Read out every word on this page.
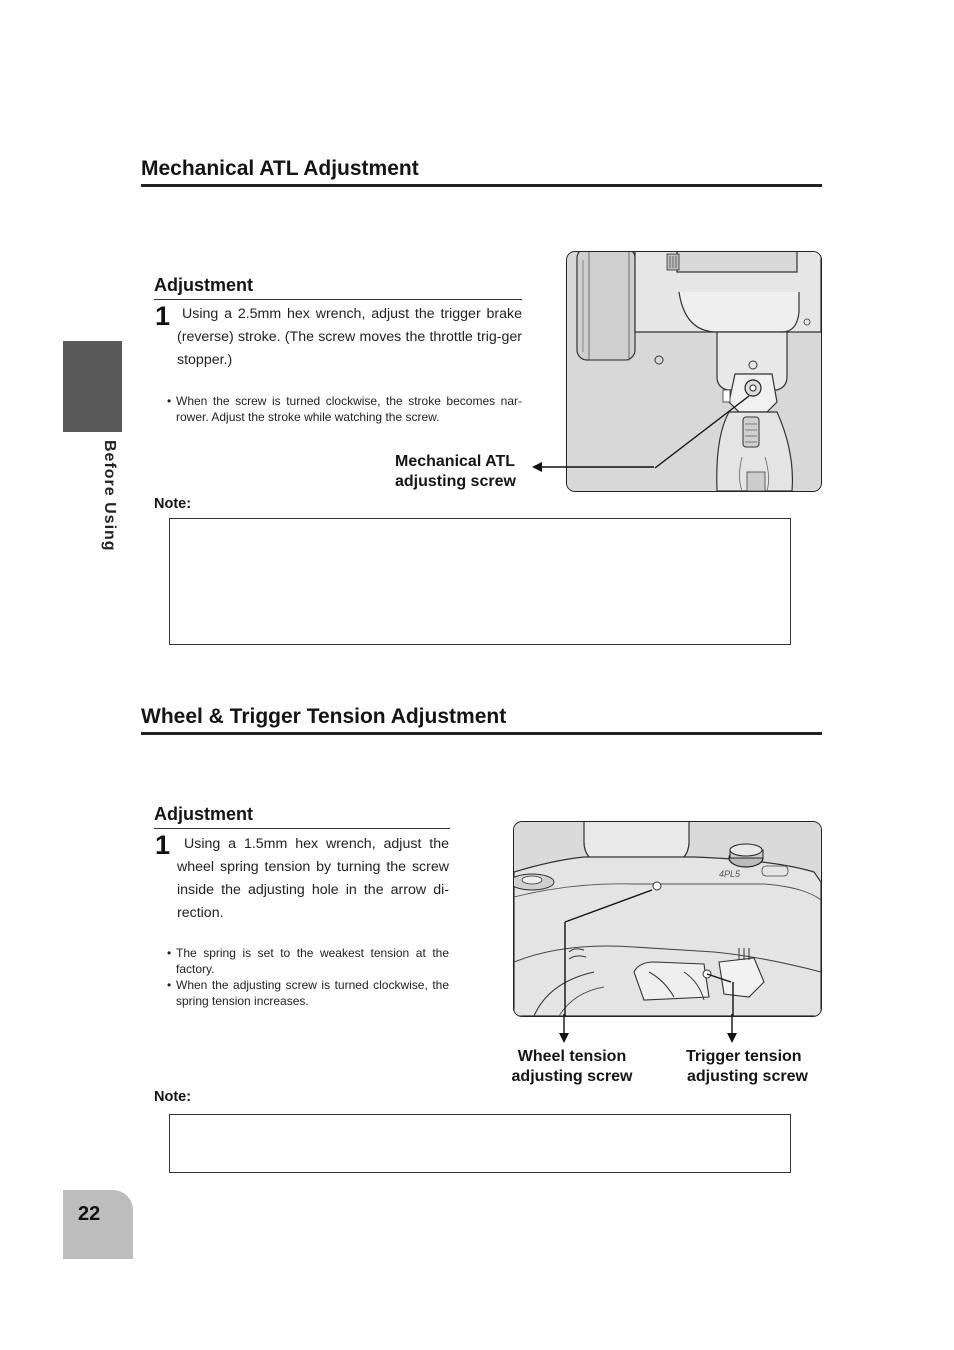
Before Using
Mechanical ATL Adjustment
Adjustment
1 Using a 2.5mm hex wrench, adjust the trigger brake (reverse) stroke. (The screw moves the throttle trig-ger stopper.)
• When the screw is turned clockwise, the stroke becomes nar-rower. Adjust the stroke while watching the screw.
Mechanical ATL
adjusting screw
Note:
Wheel & Trigger Tension Adjustment
Adjustment
1 Using a 1.5mm hex wrench, adjust the wheel spring tension by turning the screw inside the adjusting hole in the arrow di-rection.
• The spring is set to the weakest tension at the factory.
• When the adjusting screw is turned clockwise, the spring tension increases.
4PL5
Wheel tension
adjusting screw
Trigger tension
adjusting screw
Note:
22
